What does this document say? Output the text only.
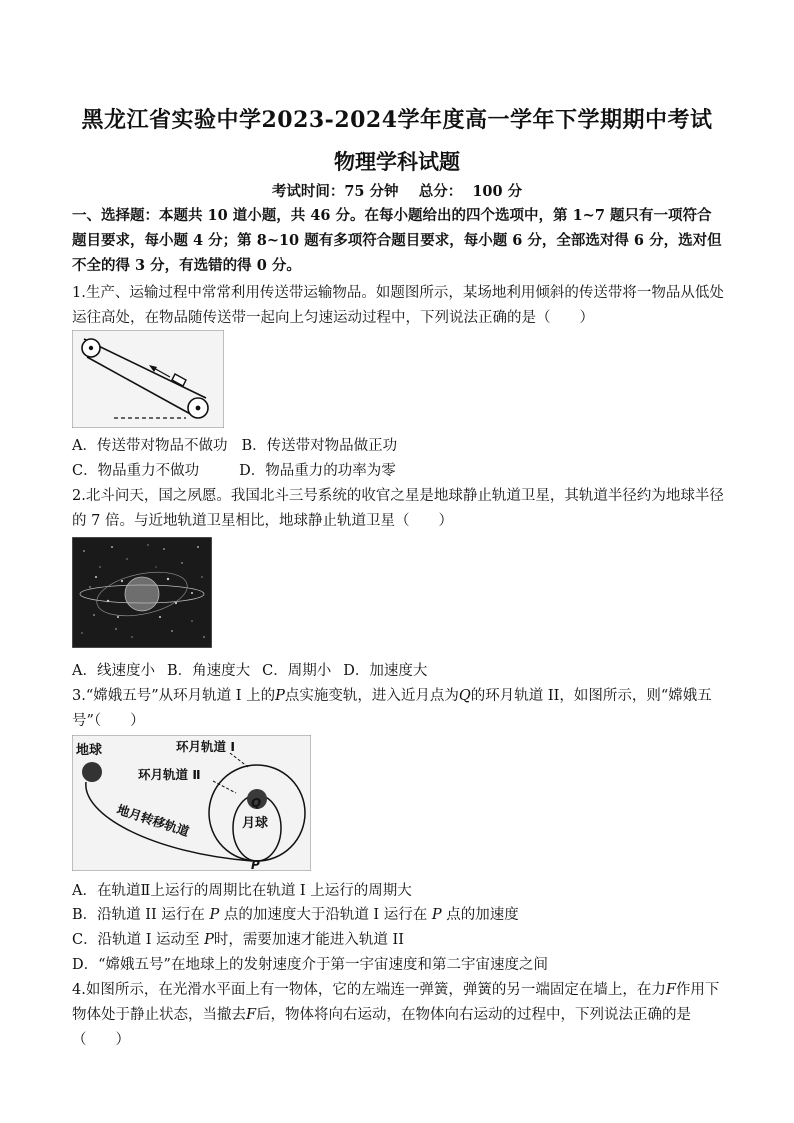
黑龙江省实验中学2023-2024学年度高一学年下学期期中考试
物理学科试题
考试时间：75 分钟    总分：  100 分
一、选择题：本题共 10 道小题，共 46 分。在每小题给出的四个选项中，第 1~7 题只有一项符合题目要求，每小题 4 分；第 8~10 题有多项符合题目要求，每小题 6 分，全部选对得 6 分，选对但不全的得 3 分，有选错的得 0 分。
1.生产、运输过程中常常利用传送带运输物品。如题图所示，某场地利用倾斜的传送带将一物品从低处运往高处，在物品随传送带一起向上匀速运动过程中，下列说法正确的是（　　）
A．传送带对物品不做功 B．传送带对物品做正功
C．物品重力不做功	D．物品重力的功率为零
2.北斗问天，国之夙愿。我国北斗三号系统的收官之星是地球静止轨道卫星，其轨道半径约为地球半径的 7 倍。与近地轨道卫星相比，地球静止轨道卫星（　　）
A．线速度小 B．角速度大 C．周期小 D．加速度大
3.“嫦娥五号”从环月轨道 I 上的P点实施变轨，进入近月点为Q的环月轨道 II，如图所示，则“嫦娥五号”（　　）
地球
地月转移轨道	月球
环月轨道 Ⅰ
环月轨道 Ⅱ
Q
P
A．在轨道Ⅱ上运行的周期比在轨道 I 上运行的周期大
B．沿轨道 II 运行在 P 点的加速度大于沿轨道 I 运行在 P 点的加速度
C．沿轨道 I 运动至 P时，需要加速才能进入轨道 II
D．“嫦娥五号”在地球上的发射速度介于第一宇宙速度和第二宇宙速度之间
4.如图所示，在光滑水平面上有一物体，它的左端连一弹簧，弹簧的另一端固定在墙上，在力F作用下物体处于静止状态，当撤去F后，物体将向右运动，在物体向右运动的过程中，下列说法正确的是（　　）
